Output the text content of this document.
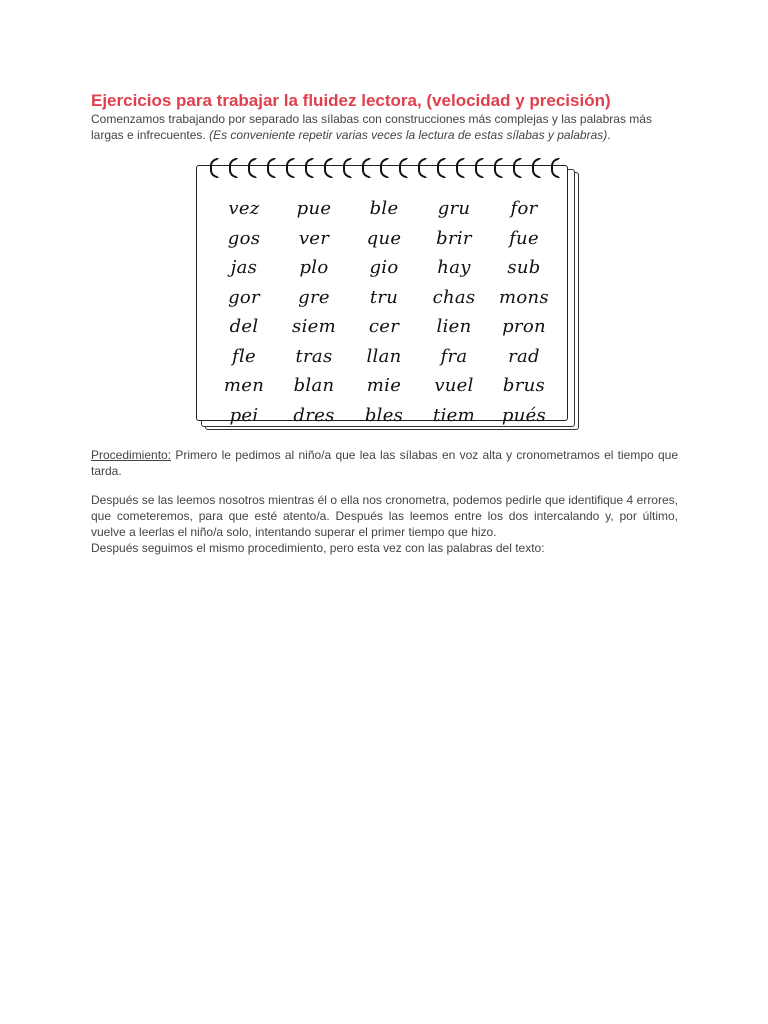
Ejercicios para trabajar la fluidez lectora, (velocidad y precisión)
Comenzamos trabajando por separado las sílabas con construcciones más complejas y las palabras más largas e infrecuentes. (Es conveniente repetir varias veces la lectura de estas sílabas y palabras).
vez	pue	ble	gru	for
gos	ver	que	brir	fue
jas	plo	gio	hay	sub
gor	gre	tru	chas	mons
del	siem	cer	lien	pron
fle	tras	llan	fra	rad
men	blan	mie	vuel	brus
pei	dres	bles	tiem	pués
Procedimiento: Primero le pedimos al niño/a que lea las sílabas en voz alta y cronometramos el tiempo que tarda.
Después se las leemos nosotros mientras él o ella nos cronometra, podemos pedirle que identifique 4 errores, que cometeremos, para que esté atento/a. Después las leemos entre los dos intercalando y, por último, vuelve a leerlas el niño/a solo, intentando superar el primer tiempo que hizo.
Después seguimos el mismo procedimiento, pero esta vez con las palabras del texto:
